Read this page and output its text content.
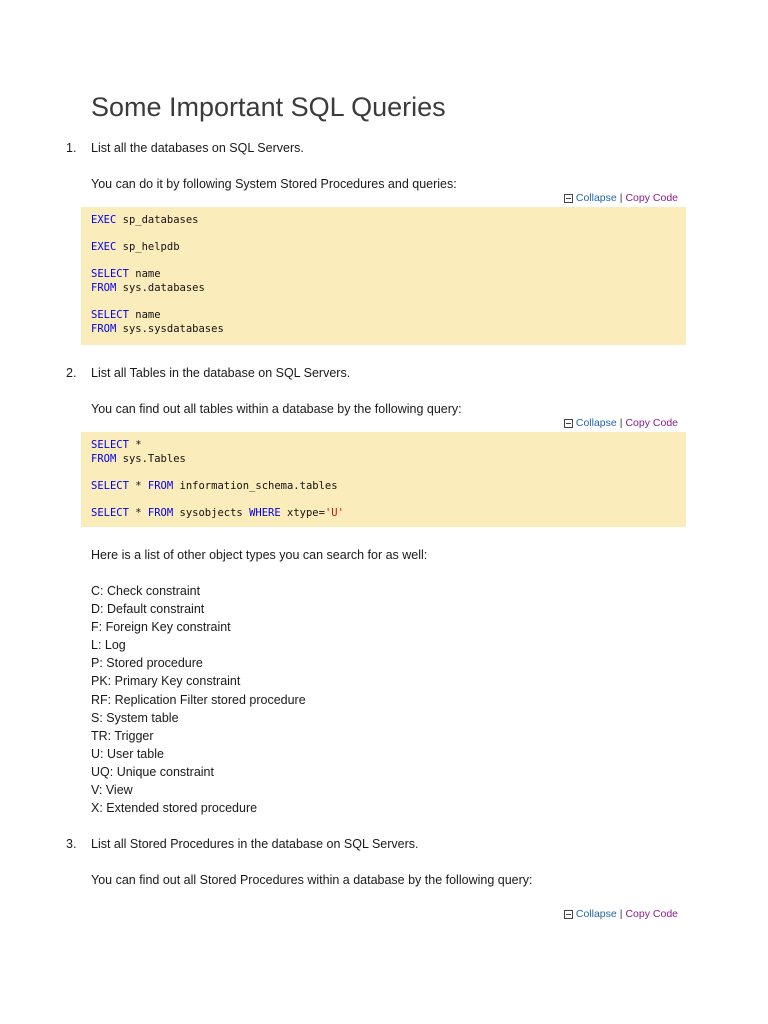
Some Important SQL Queries
1. List all the databases on SQL Servers.

You can do it by following System Stored Procedures and queries:

Collapse | Copy Code
EXEC sp_databases
EXEC sp_helpdb
SELECT name
FROM sys.databases
SELECT name
FROM sys.sysdatabases
2. List all Tables in the database on SQL Servers.

You can find out all tables within a database by the following query:

Collapse | Copy Code
SELECT *
FROM sys.Tables
SELECT * FROM information_schema.tables
SELECT * FROM sysobjects WHERE xtype='U'

Here is a list of other object types you can search for as well:

C: Check constraint
D: Default constraint
F: Foreign Key constraint
L: Log
P: Stored procedure
PK: Primary Key constraint
RF: Replication Filter stored procedure
S: System table
TR: Trigger
U: User table
UQ: Unique constraint
V: View
X: Extended stored procedure
3. List all Stored Procedures in the database on SQL Servers.

You can find out all Stored Procedures within a database by the following query:

Collapse | Copy Code
